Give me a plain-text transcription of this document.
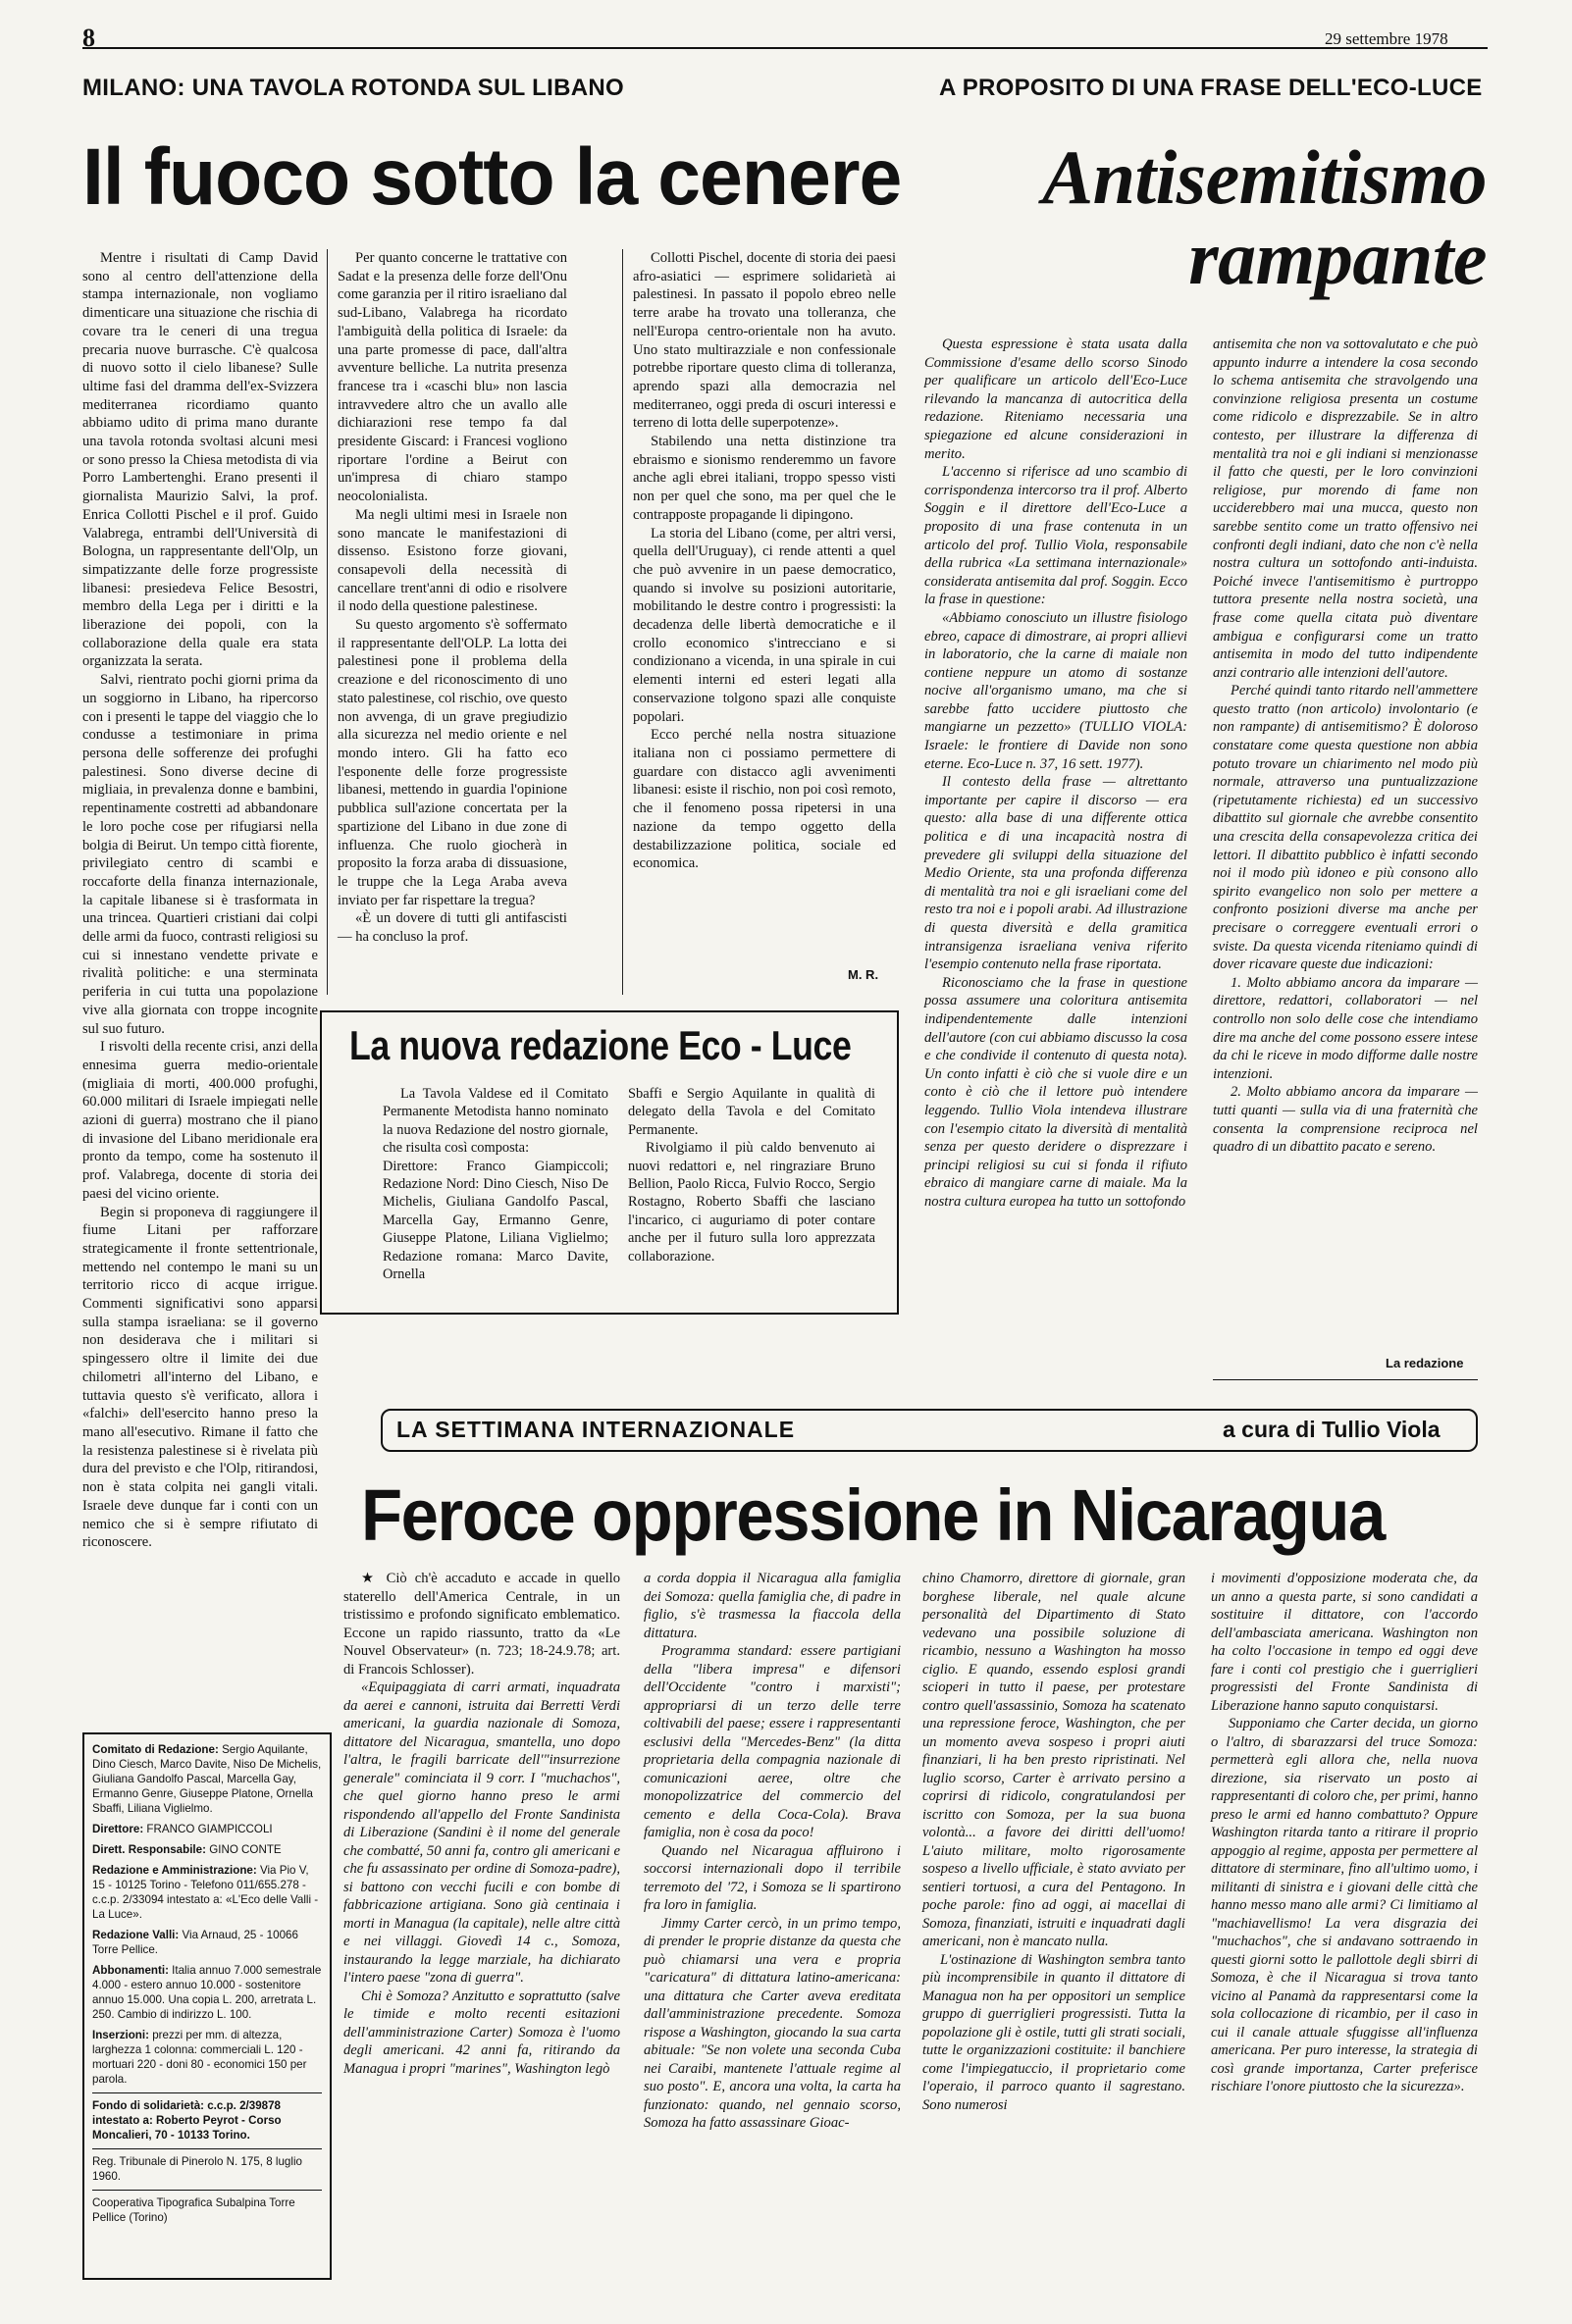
8	29 settembre 1978
MILANO: UNA TAVOLA ROTONDA SUL LIBANO	A PROPOSITO DI UNA FRASE DELL'ECO-LUCE
Il fuoco sotto la cenere	Antisemitismo
rampante

Mentre i risultati di Camp David sono al centro dell'attenzione della stampa internazionale, non vogliamo dimenticare una situazione che rischia di covare tra le ceneri di una tregua precaria nuove burrasche. C'è qualcosa di nuovo sotto il cielo libanese? Sulle ultime fasi del dramma dell'ex-Svizzera mediterranea ricordiamo quanto abbiamo udito di prima mano durante una tavola rotonda svoltasi alcuni mesi or sono presso la Chiesa metodista di via Porro Lambertenghi. Erano presenti il giornalista Maurizio Salvi, la prof. Enrica Collotti Pischel e il prof. Guido Valabrega, entrambi dell'Università di Bologna, un rappresentante dell'Olp, un simpatizzante delle forze progressiste libanesi: presiedeva Felice Besostri, membro della Lega per i diritti e la liberazione dei popoli, con la collaborazione della quale era stata organizzata la serata.

Salvi, rientrato pochi giorni prima da un soggiorno in Libano, ha ripercorso con i presenti le tappe del viaggio che lo condusse a testimoniare in prima persona delle sofferenze dei profughi palestinesi. Sono diverse decine di migliaia, in prevalenza donne e bambini, repentinamente costretti ad abbandonare le loro poche cose per rifugiarsi nella bolgia di Beirut. Un tempo città fiorente, privilegiato centro di scambi e roccaforte della finanza internazionale, la capitale libanese si è trasformata in una trincea. Quartieri cristiani dai colpi delle armi da fuoco, contrasti religiosi su cui si innestano vendette private e rivalità politiche: e una sterminata periferia in cui tutta una popolazione vive alla giornata con troppe incognite sul suo futuro.

I risvolti della recente crisi, anzi della ennesima guerra medio-orientale (migliaia di morti, 400.000 profughi, 60.000 militari di Israele impiegati nelle azioni di guerra) mostrano che il piano di invasione del Libano meridionale era pronto da tempo, come ha sostenuto il prof. Valabrega, docente di storia dei paesi del vicino oriente.

Begin si proponeva di raggiungere il fiume Litani per rafforzare strategicamente il fronte settentrionale, mettendo nel contempo le mani su un territorio ricco di acque irrigue. Commenti significativi sono apparsi sulla stampa israeliana: se il governo non desiderava che i militari si spingessero oltre il limite dei due chilometri all'interno del Libano, e tuttavia questo s'è verificato, allora i «falchi» dell'esercito hanno preso la mano all'esecutivo. Rimane il fatto che la resistenza palestinese si è rivelata più dura del previsto e che l'Olp, ritirandosi, non è stata colpita nei gangli vitali. Israele deve dunque far i conti con un nemico che si è sempre rifiutato di riconoscere.

Per quanto concerne le trattative con Sadat e la presenza delle forze dell'Onu come garanzia per il ritiro israeliano dal sud-Libano, Valabrega ha ricordato l'ambiguità della politica di Israele: da una parte promesse di pace, dall'altra avventure belliche. La nutrita presenza francese tra i «caschi blu» non lascia intravvedere altro che un avallo alle dichiarazioni rese tempo fa dal presidente Giscard: i Francesi vogliono riportare l'ordine a Beirut con un'impresa di chiaro stampo neocolonialista.

Ma negli ultimi mesi in Israele non sono mancate le manifestazioni di dissenso. Esistono forze giovani, consapevoli della necessità di cancellare trent'anni di odio e risolvere il nodo della questione palestinese.

Su questo argomento s'è soffermato il rappresentante dell'OLP. La lotta dei palestinesi pone il problema della creazione e del riconoscimento di uno stato palestinese, col rischio, ove questo non avvenga, di un grave pregiudizio alla sicurezza nel medio oriente e nel mondo intero. Gli ha fatto eco l'esponente delle forze progressiste libanesi, mettendo in guardia l'opinione pubblica sull'azione concertata per la spartizione del Libano in due zone di influenza. Che ruolo giocherà in proposito la forza araba di dissuasione, le truppe che la Lega Araba aveva inviato per far rispettare la tregua?

«È un dovere di tutti gli antifascisti — ha concluso la prof.

Collotti Pischel, docente di storia dei paesi afro-asiatici — esprimere solidarietà ai palestinesi. In passato il popolo ebreo nelle terre arabe ha trovato una tolleranza, che nell'Europa centro-orientale non ha avuto. Uno stato multirazziale e non confessionale potrebbe riportare questo clima di tolleranza, aprendo spazi alla democrazia nel mediterraneo, oggi preda di oscuri interessi e terreno di lotta delle superpotenze».

Stabilendo una netta distinzione tra ebraismo e sionismo renderemmo un favore anche agli ebrei italiani, troppo spesso visti non per quel che sono, ma per quel che le contrapposte propagande li dipingono.

La storia del Libano (come, per altri versi, quella dell'Uruguay), ci rende attenti a quel che può avvenire in un paese democratico, quando si involve su posizioni autoritarie, mobilitando le destre contro i progressisti: la decadenza delle libertà democratiche e il crollo economico s'intrecciano e si condizionano a vicenda, in una spirale in cui elementi interni ed esteri legati alla conservazione tolgono spazi alle conquiste popolari.

Ecco perché nella nostra situazione italiana non ci possiamo permettere di guardare con distacco agli avvenimenti libanesi: esiste il rischio, non poi così remoto, che il fenomeno possa ripetersi in una nazione da tempo oggetto della destabilizzazione politica, sociale ed economica.

M. R.
La nuova redazione Eco - Luce

La Tavola Valdese ed il Comitato Permanente Metodista hanno nominato la nuova Redazione del nostro giornale, che risulta così composta:

Direttore: Franco Giampiccoli; Redazione Nord: Dino Ciesch, Niso De Michelis, Giuliana Gandolfo Pascal, Marcella Gay, Ermanno Genre, Giuseppe Platone, Liliana Viglielmo; Redazione romana: Marco Davite, Ornella

Sbaffi e Sergio Aquilante in qualità di delegato della Tavola e del Comitato Permanente.

Rivolgiamo il più caldo benvenuto ai nuovi redattori e, nel ringraziare Bruno Bellion, Paolo Ricca, Fulvio Rocco, Sergio Rostagno, Roberto Sbaffi che lasciano l'incarico, ci auguriamo di poter contare anche per il futuro sulla loro apprezzata collaborazione.

Questa espressione è stata usata dalla Commissione d'esame dello scorso Sinodo per qualificare un articolo dell'Eco-Luce rilevando la mancanza di autocritica della redazione. Riteniamo necessaria una spiegazione ed alcune considerazioni in merito.

L'accenno si riferisce ad uno scambio di corrispondenza intercorso tra il prof. Alberto Soggin e il direttore dell'Eco-Luce a proposito di una frase contenuta in un articolo del prof. Tullio Viola, responsabile della rubrica «La settimana internazionale» considerata antisemita dal prof. Soggin. Ecco la frase in questione:

«Abbiamo conosciuto un illustre fisiologo ebreo, capace di dimostrare, ai propri allievi in laboratorio, che la carne di maiale non contiene neppure un atomo di sostanze nocive all'organismo umano, ma che si sarebbe fatto uccidere piuttosto che mangiarne un pezzetto» (TULLIO VIOLA: Israele: le frontiere di Davide non sono eterne. Eco-Luce n. 37, 16 sett. 1977).

Il contesto della frase — altrettanto importante per capire il discorso — era questo: alla base di una differente ottica politica e di una incapacità nostra di prevedere gli sviluppi della situazione del Medio Oriente, sta una profonda differenza di mentalità tra noi e gli israeliani come del resto tra noi e i popoli arabi. Ad illustrazione di questa diversità e della gramitica intransigenza israeliana veniva riferito l'esempio contenuto nella frase riportata.

Riconosciamo che la frase in questione possa assumere una coloritura antisemita indipendentemente dalle intenzioni dell'autore (con cui abbiamo discusso la cosa e che condivide il contenuto di questa nota). Un conto infatti è ciò che si vuole dire e un conto è ciò che il lettore può intendere leggendo. Tullio Viola intendeva illustrare con l'esempio citato la diversità di mentalità senza per questo deridere o disprezzare i principi religiosi su cui si fonda il rifiuto ebraico di mangiare carne di maiale. Ma la nostra cultura europea ha tutto un sottofondo

antisemita che non va sottovalutato e che può appunto indurre a intendere la cosa secondo lo schema antisemita che stravolgendo una convinzione religiosa presenta un costume come ridicolo e disprezzabile. Se in altro contesto, per illustrare la differenza di mentalità tra noi e gli indiani si menzionasse il fatto che questi, per le loro convinzioni religiose, pur morendo di fame non ucciderebbero mai una mucca, questo non sarebbe sentito come un tratto offensivo nei confronti degli indiani, dato che non c'è nella nostra cultura un sottofondo anti-induista. Poiché invece l'antisemitismo è purtroppo tuttora presente nella nostra società, una frase come quella citata può diventare ambigua e configurarsi come un tratto antisemita in modo del tutto indipendente anzi contrario alle intenzioni dell'autore.

Perché quindi tanto ritardo nell'ammettere questo tratto (non articolo) involontario (e non rampante) di antisemitismo? È doloroso constatare come questa questione non abbia potuto trovare un chiarimento nel modo più normale, attraverso una puntualizzazione (ripetutamente richiesta) ed un successivo dibattito sul giornale che avrebbe consentito una crescita della consapevolezza critica dei lettori. Il dibattito pubblico è infatti secondo noi il modo più idoneo e più consono allo spirito evangelico non solo per mettere a confronto posizioni diverse ma anche per precisare o correggere eventuali errori o sviste. Da questa vicenda riteniamo quindi di dover ricavare queste due indicazioni:

1. Molto abbiamo ancora da imparare — direttore, redattori, collaboratori — nel controllo non solo delle cose che intendiamo dire ma anche del come possono essere intese da chi le riceve in modo difforme dalle nostre intenzioni.

2. Molto abbiamo ancora da imparare — tutti quanti — sulla via di una fraternità che consenta la comprensione reciproca nel quadro di un dibattito pacato e sereno.

La redazione
LA SETTIMANA INTERNAZIONALE	a cura di Tullio Viola
Feroce oppressione in Nicaragua

★ Ciò ch'è accaduto e accade in quello staterello dell'America Centrale, in un tristissimo e profondo significato emblematico. Eccone un rapido riassunto, tratto da «Le Nouvel Observateur» (n. 723; 18-24.9.78; art. di Francois Schlosser).

«Equipaggiata di carri armati, inquadrata da aerei e cannoni, istruita dai Berretti Verdi americani, la guardia nazionale di Somoza, dittatore del Nicaragua, smantella, uno dopo l'altra, le fragili barricate dell'"insurrezione generale" cominciata il 9 corr. I "muchachos", che quel giorno hanno preso le armi rispondendo all'appello del Fronte Sandinista di Liberazione (Sandini è il nome del generale che combatté, 50 anni fa, contro gli americani e che fu assassinato per ordine di Somoza-padre), si battono con vecchi fucili e con bombe di fabbricazione artigiana. Sono già centinaia i morti in Managua (la capitale), nelle altre città e nei villaggi. Giovedì 14 c., Somoza, instaurando la legge marziale, ha dichiarato l'intero paese "zona di guerra".

Chi è Somoza? Anzitutto e soprattutto (salve le timide e molto recenti esitazioni dell'amministrazione Carter) Somoza è l'uomo degli americani. 42 anni fa, ritirando da Managua i propri "marines", Washington legò

a corda doppia il Nicaragua alla famiglia dei Somoza: quella famiglia che, di padre in figlio, s'è trasmessa la fiaccola della dittatura.

Programma standard: essere partigiani della "libera impresa" e difensori dell'Occidente "contro i marxisti"; appropriarsi di un terzo delle terre coltivabili del paese; essere i rappresentanti esclusivi della "Mercedes-Benz" (la ditta proprietaria della compagnia nazionale di comunicazioni aeree, oltre che monopolizzatrice del commercio del cemento e della Coca-Cola). Brava famiglia, non è cosa da poco!

Quando nel Nicaragua affluirono i soccorsi internazionali dopo il terribile terremoto del '72, i Somoza se li spartirono fra loro in famiglia.

Jimmy Carter cercò, in un primo tempo, di prender le proprie distanze da questa che può chiamarsi una vera e propria "caricatura" di dittatura latino-americana: una dittatura che Carter aveva ereditata dall'amministrazione precedente. Somoza rispose a Washington, giocando la sua carta abituale: "Se non volete una seconda Cuba nei Caraibi, mantenete l'attuale regime al suo posto". E, ancora una volta, la carta ha funzionato: quando, nel gennaio scorso, Somoza ha fatto assassinare Gioac-

chino Chamorro, direttore di giornale, gran borghese liberale, nel quale alcune personalità del Dipartimento di Stato vedevano una possibile soluzione di ricambio, nessuno a Washington ha mosso ciglio. E quando, essendo esplosi grandi scioperi in tutto il paese, per protestare contro quell'assassinio, Somoza ha scatenato una repressione feroce, Washington, che per un momento aveva sospeso i propri aiuti finanziari, li ha ben presto ripristinati. Nel luglio scorso, Carter è arrivato persino a coprirsi di ridicolo, congratulandosi per iscritto con Somoza, per la sua buona volontà... a favore dei diritti dell'uomo! L'aiuto militare, molto rigorosamente sospeso a livello ufficiale, è stato avviato per sentieri tortuosi, a cura del Pentagono. In poche parole: fino ad oggi, ai macellai di Somoza, finanziati, istruiti e inquadrati dagli americani, non è mancato nulla.

L'ostinazione di Washington sembra tanto più incomprensibile in quanto il dittatore di Managua non ha per oppositori un semplice gruppo di guerriglieri progressisti. Tutta la popolazione gli è ostile, tutti gli strati sociali, tutte le organizzazioni costituite: il banchiere come l'impiegatuccio, il proprietario come l'operaio, il parroco quanto il sagrestano. Sono numerosi

i movimenti d'opposizione moderata che, da un anno a questa parte, si sono candidati a sostituire il dittatore, con l'accordo dell'ambasciata americana. Washington non ha colto l'occasione in tempo ed oggi deve fare i conti col prestigio che i guerriglieri progressisti del Fronte Sandinista di Liberazione hanno saputo conquistarsi.

Supponiamo che Carter decida, un giorno o l'altro, di sbarazzarsi del truce Somoza: permetterà egli allora che, nella nuova direzione, sia riservato un posto ai rappresentanti di coloro che, per primi, hanno preso le armi ed hanno combattuto? Oppure Washington ritarda tanto a ritirare il proprio appoggio al regime, apposta per permettere al dittatore di sterminare, fino all'ultimo uomo, i militanti di sinistra e i giovani delle città che hanno messo mano alle armi? Ci limitiamo al "machiavellismo! La vera disgrazia dei "muchachos", che si andavano sottraendo in questi giorni sotto le pallottole degli sbirri di Somoza, è che il Nicaragua si trova tanto vicino al Panamà da rappresentarsi come la sola collocazione di ricambio, per il caso in cui il canale attuale sfuggisse all'influenza americana. Per puro interesse, la strategia di così grande importanza, Carter preferisce rischiare l'onore piuttosto che la sicurezza».

Comitato di Redazione: Sergio Aquilante, Dino Ciesch, Marco Davite, Niso De Michelis, Giuliana Gandolfo Pascal, Marcella Gay, Ermanno Genre, Giuseppe Platone, Ornella Sbaffi, Liliana Viglielmo.
Direttore: FRANCO GIAMPICCOLI
Dirett. Responsabile: GINO CONTE
Redazione e Amministrazione: Via Pio V, 15 - 10125 Torino - Telefono 011/655.278 - c.c.p. 2/33094 intestato a: «L'Eco delle Valli - La Luce».
Redazione Valli: Via Arnaud, 25 - 10066 Torre Pellice.
Abbonamenti: Italia annuo 7.000 semestrale 4.000 - estero annuo 10.000 - sostenitore annuo 15.000. Una copia L. 200, arretrata L. 250. Cambio di indirizzo L. 100.
Inserzioni: prezzi per mm. di altezza, larghezza 1 colonna: commerciali L. 120 - mortuari 220 - doni 80 - economici 150 per parola.
Fondo di solidarietà: c.c.p. 2/39878 intestato a: Roberto Peyrot - Corso Moncalieri, 70 - 10133 Torino.
Reg. Tribunale di Pinerolo N. 175, 8 luglio 1960.
Cooperativa Tipografica Subalpina Torre Pellice (Torino)
